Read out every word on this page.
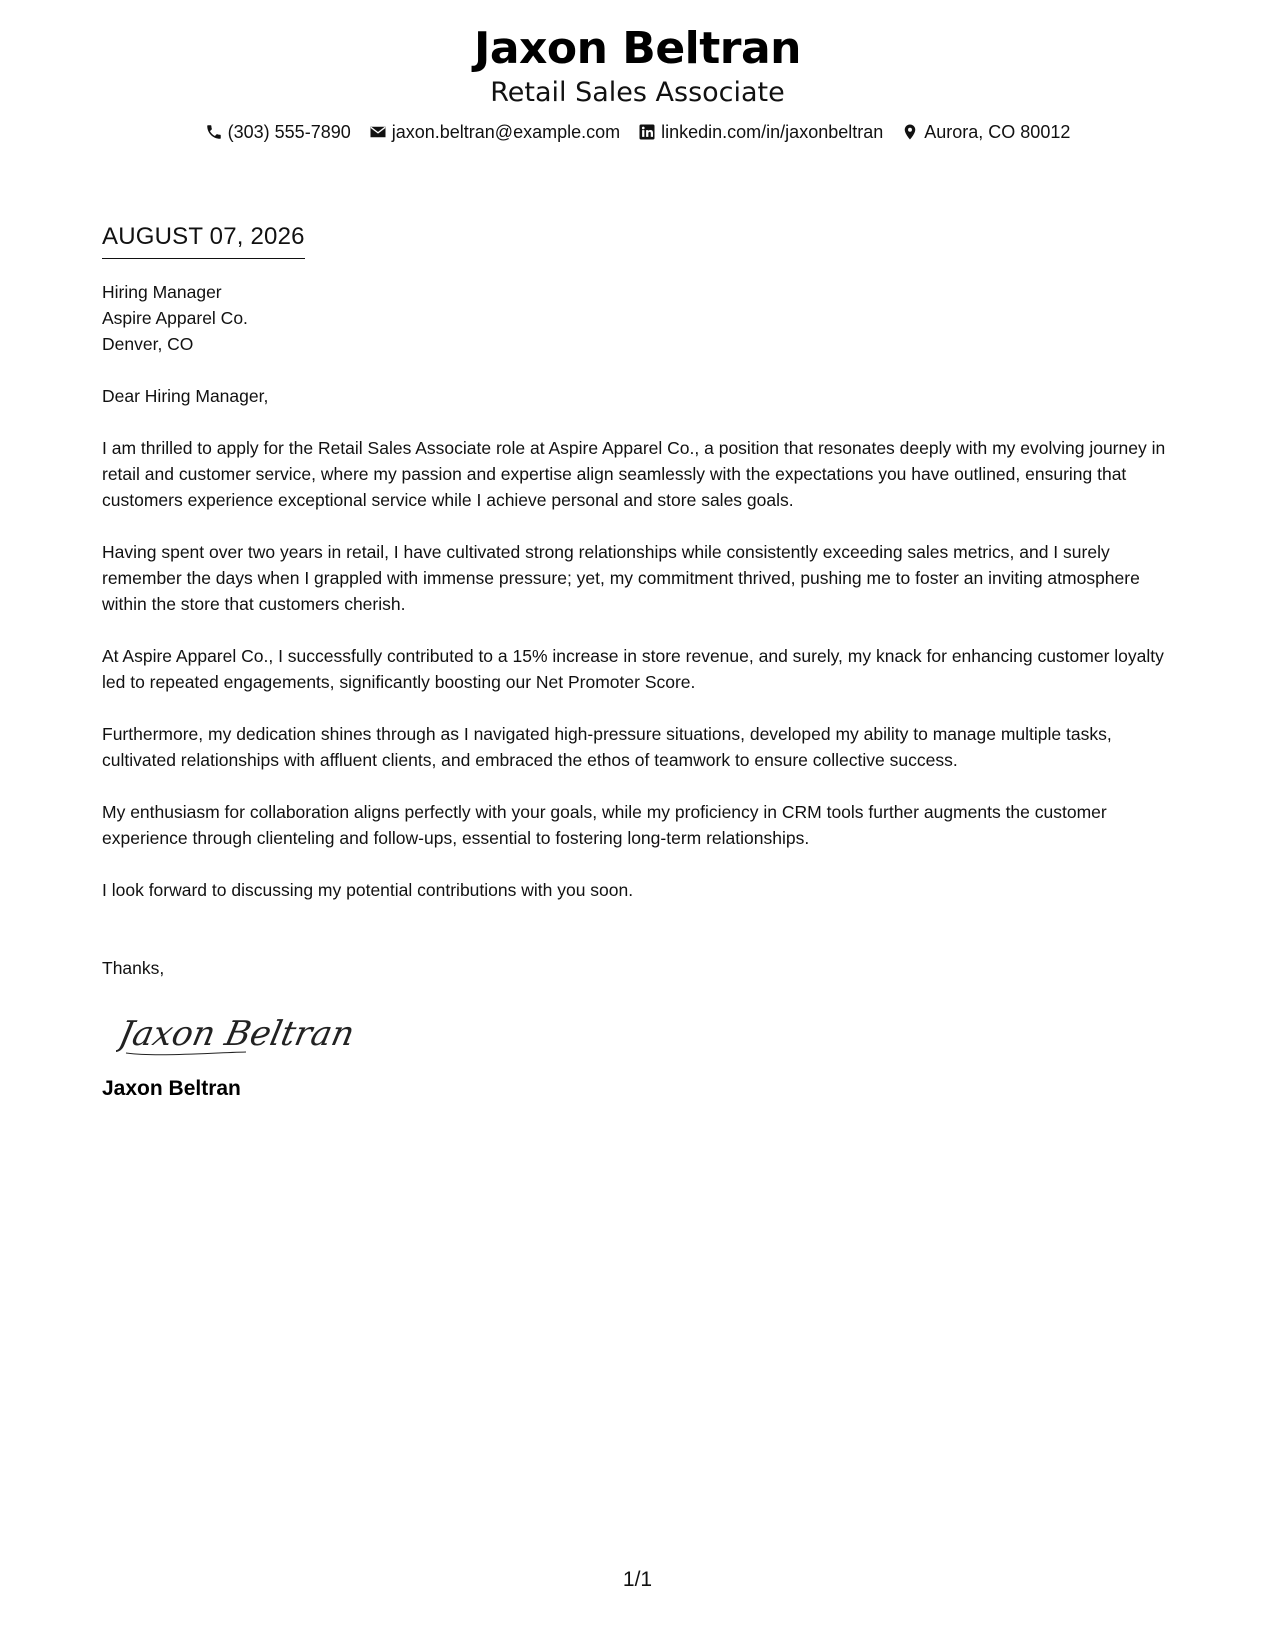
Jaxon Beltran
Retail Sales Associate
(303) 555-7890 jaxon.beltran@example.com linkedin.com/in/jaxonbeltran Aurora, CO 80012
AUGUST 07, 2026
Hiring Manager
Aspire Apparel Co.
Denver, CO
Dear Hiring Manager,

I am thrilled to apply for the Retail Sales Associate role at Aspire Apparel Co., a position that resonates deeply with my evolving journey in retail and customer service, where my passion and expertise align seamlessly with the expectations you have outlined, ensuring that customers experience exceptional service while I achieve personal and store sales goals.

Having spent over two years in retail, I have cultivated strong relationships while consistently exceeding sales metrics, and I surely remember the days when I grappled with immense pressure; yet, my commitment thrived, pushing me to foster an inviting atmosphere within the store that customers cherish.

At Aspire Apparel Co., I successfully contributed to a 15% increase in store revenue, and surely, my knack for enhancing customer loyalty led to repeated engagements, significantly boosting our Net Promoter Score.

Furthermore, my dedication shines through as I navigated high-pressure situations, developed my ability to manage multiple tasks, cultivated relationships with affluent clients, and embraced the ethos of teamwork to ensure collective success.

My enthusiasm for collaboration aligns perfectly with your goals, while my proficiency in CRM tools further augments the customer experience through clienteling and follow-ups, essential to fostering long-term relationships.

I look forward to discussing my potential contributions with you soon.

Thanks,
Jaxon Beltran
Jaxon Beltran
1/1
